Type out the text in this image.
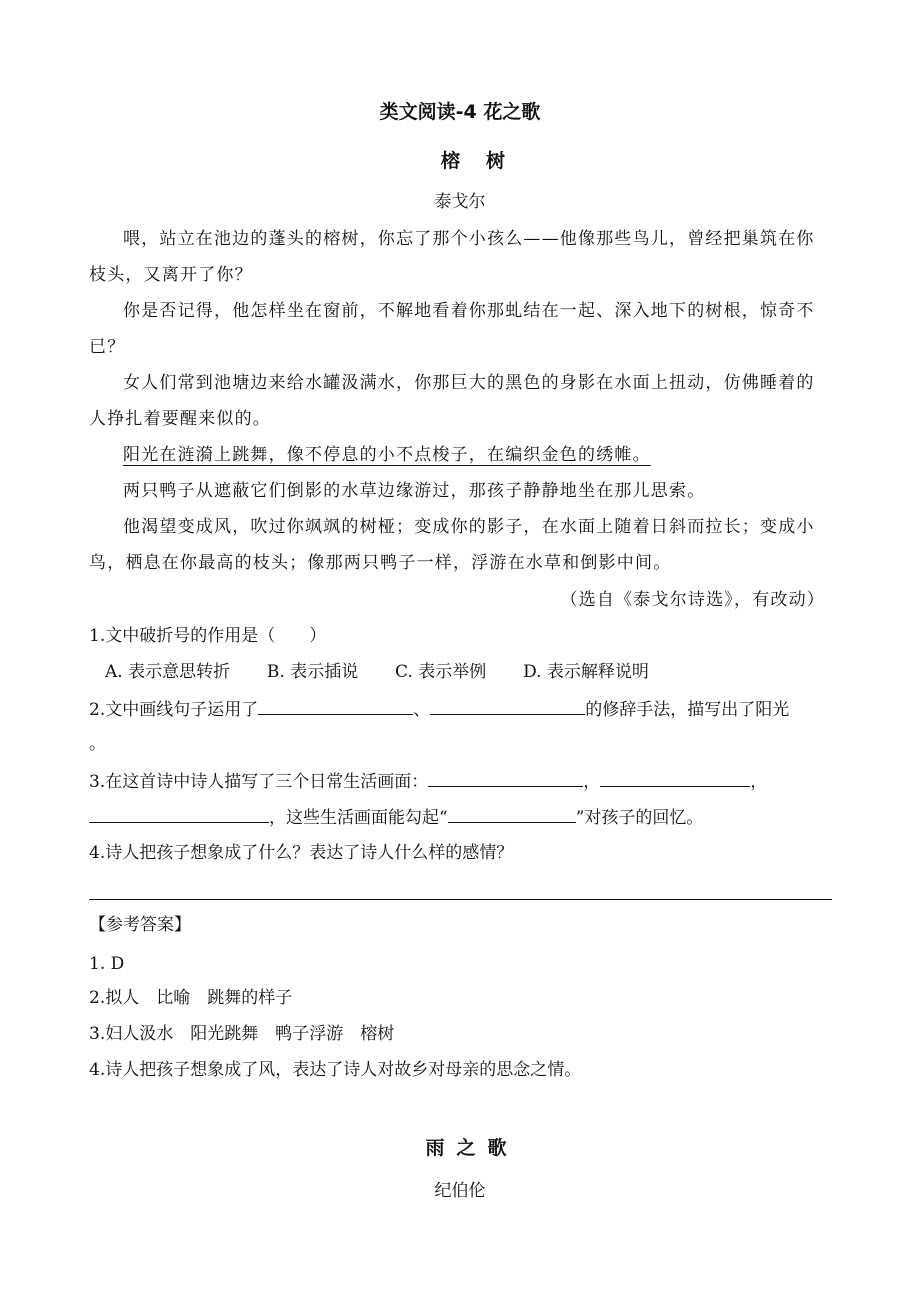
类文阅读-4 花之歌
榕树
泰戈尔
喂，站立在池边的蓬头的榕树，你忘了那个小孩么——他像那些鸟儿，曾经把巢筑在你
枝头，又离开了你？
你是否记得，他怎样坐在窗前，不解地看着你那虬结在一起、深入地下的树根，惊奇不
已？
女人们常到池塘边来给水罐汲满水，你那巨大的黑色的身影在水面上扭动，仿佛睡着的
人挣扎着要醒来似的。
阳光在涟漪上跳舞，像不停息的小不点梭子，在编织金色的绣帷。
两只鸭子从遮蔽它们倒影的水草边缘游过，那孩子静静地坐在那儿思索。
他渴望变成风，吹过你飒飒的树桠；变成你的影子，在水面上随着日斜而拉长；变成小
鸟，栖息在你最高的枝头；像那两只鸭子一样，浮游在水草和倒影中间。
（选自《泰戈尔诗选》，有改动）
1.文中破折号的作用是（　　）
A. 表示意思转折 B. 表示插说 C. 表示举例 D. 表示解释说明
2.文中画线句子运用了	、	的修辞手法，描写出了阳光
。
3.在这首诗中诗人描写了三个日常生活画面：	，	，
，这些生活画面能勾起“	”对孩子的回忆。
4.诗人把孩子想象成了什么？表达了诗人什么样的感情？
【参考答案】
1. D
2.拟人　比喻　跳舞的样子
3.妇人汲水　阳光跳舞　鸭子浮游　榕树
4.诗人把孩子想象成了风，表达了诗人对故乡对母亲的思念之情。
雨之歌
纪伯伦
